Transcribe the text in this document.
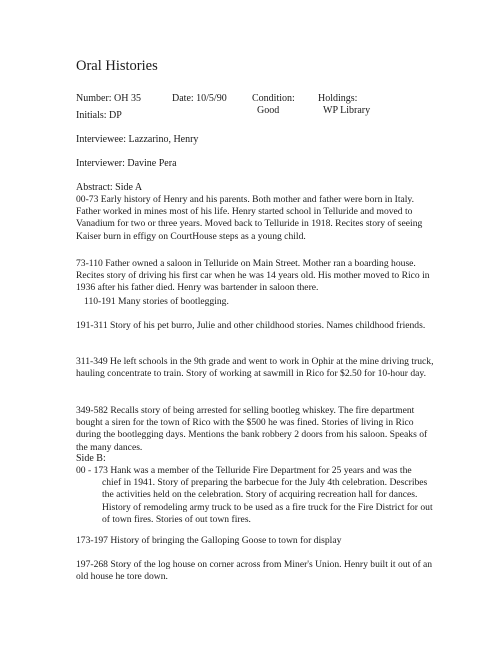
Oral Histories
Number: OH 35	Date: 10/5/90	Condition:
Good
Holdings:
WP Library
Initials: DP
Interviewee: Lazzarino, Henry
Interviewer: Davine Pera
Abstract: Side A
00-73 Early history of Henry and his parents. Both mother and father were born in Italy. Father worked in mines most of his life. Henry started school in Telluride and moved to Vanadium for two or three years. Moved back to Telluride in 1918. Recites story of seeing Kaiser burn in effigy on CourtHouse steps as a young child.
73-110 Father owned a saloon in Telluride on Main Street. Mother ran a boarding house. Recites story of driving his first car when he was 14 years old. His mother moved to Rico in 1936 after his father died. Henry was bartender in saloon there.
110-191 Many stories of bootlegging.
191-311 Story of his pet burro, Julie and other childhood stories. Names childhood friends.
311-349 He left schools in the 9th grade and went to work in Ophir at the mine driving truck, hauling concentrate to train. Story of working at sawmill in Rico for $2.50 for 10-hour day.
349-582 Recalls story of being arrested for selling bootleg whiskey. The fire department bought a siren for the town of Rico with the $500 he was fined. Stories of living in Rico during the bootlegging days. Mentions the bank robbery 2 doors from his saloon. Speaks of the many dances.
Side B:
00 - 173 Hank was a member of the Telluride Fire Department for 25 years and was the
chief in 1941. Story of preparing the barbecue for the July 4th celebration. Describes the activities held on the celebration. Story of acquiring recreation hall for dances. History of remodeling army truck to be used as a fire truck for the Fire District for out of town fires. Stories of out town fires.
173-197 History of bringing the Galloping Goose to town for display
197-268 Story of the log house on corner across from Miner's Union. Henry built it out of an old house he tore down.
